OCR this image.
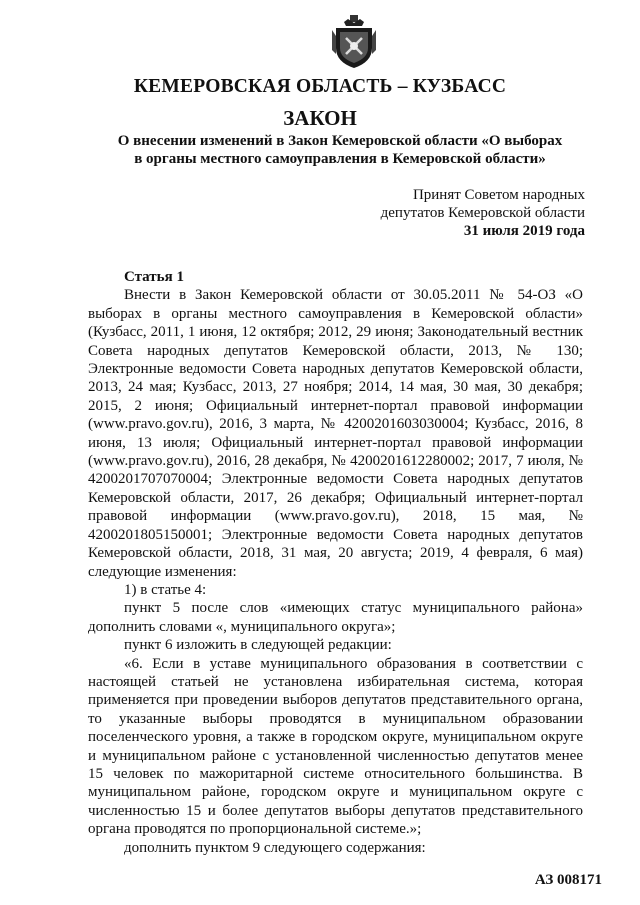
КЕМЕРОВСКАЯ ОБЛАСТЬ – КУЗБАСС
ЗАКОН
О внесении изменений в Закон Кемеровской области «О выборах
в органы местного самоуправления в Кемеровской области»
Принят Советом народных
депутатов Кемеровской области
31 июля 2019 года

Статья 1

Внести в Закон Кемеровской области от 30.05.2011 № 54-ОЗ «О выборах в органы местного самоуправления в Кемеровской области» (Кузбасс, 2011, 1 июня, 12 октября; 2012, 29 июня; Законодательный вестник Совета народных депутатов Кемеровской области, 2013, № 130; Электронные ведомости Совета народных депутатов Кемеровской области, 2013, 24 мая; Кузбасс, 2013, 27 ноября; 2014, 14 мая, 30 мая, 30 декабря; 2015, 2 июня; Официальный интернет-портал правовой информации (www.pravo.gov.ru), 2016, 3 марта, № 4200201603030004; Кузбасс, 2016, 8 июня, 13 июля; Официальный интернет-портал правовой информации (www.pravo.gov.ru), 2016, 28 декабря, № 4200201612280002; 2017, 7 июля, № 4200201707070004; Электронные ведомости Совета народных депутатов Кемеровской области, 2017, 26 декабря; Официальный интернет-портал правовой информации (www.pravo.gov.ru), 2018, 15 мая, № 4200201805150001; Электронные ведомости Совета народных депутатов Кемеровской области, 2018, 31 мая, 20 августа; 2019, 4 февраля, 6 мая) следующие изменения:

1) в статье 4:

пункт 5 после слов «имеющих статус муниципального района» дополнить словами «, муниципального округа»;

пункт 6 изложить в следующей редакции:

«6. Если в уставе муниципального образования в соответствии с настоящей статьей не установлена избирательная система, которая применяется при проведении выборов депутатов представительного органа, то указанные выборы проводятся в муниципальном образовании поселенческого уровня, а также в городском округе, муниципальном округе и муниципальном районе с установленной численностью депутатов менее 15 человек по мажоритарной системе относительного большинства. В муниципальном районе, городском округе и муниципальном округе с численностью 15 и более депутатов выборы депутатов представительного органа проводятся по пропорциональной системе.»;

дополнить пунктом 9 следующего содержания:

АЗ 008171
